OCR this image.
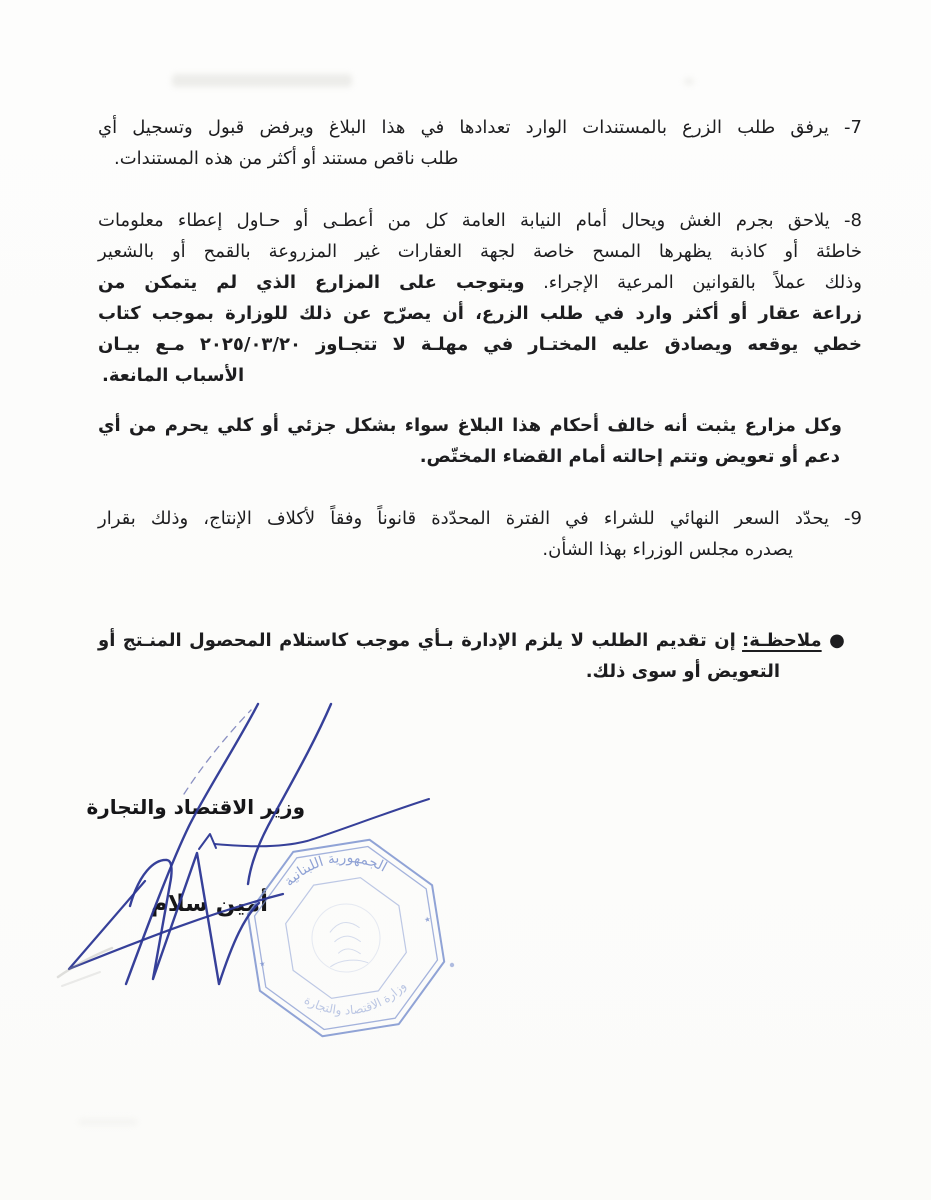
7- يرفق طلب الزرع بالمستندات الوارد تعدادها في هذا البلاغ ويرفض قبول وتسجيل أي
طلب ناقص مستند أو أكثر من هذه المستندات.
8- يلاحق بجرم الغش ويحال أمام النيابة العامة كل من أعطـى أو حـاول إعطاء معلومات
خاطئة أو كاذبة يظهرها المسح خاصة لجهة العقارات غير المزروعة بالقمح أو بالشعير
وذلك عملاً بالقوانين المرعية الإجراء. ويتوجب على المزارع الذي لم يتمكن من
زراعة عقار أو أكثر وارد في طلب الزرع، أن يصرّح عن ذلك للوزارة بموجب كتاب
خطي يوقعه ويصادق عليه المختـار في مهلـة لا تتجـاوز ٢٠٢٥/٠٣/٢٠ مـع بيـان
الأسباب المانعة.
وكل مزارع يثبت أنه خالف أحكام هذا البلاغ سواء بشكل جزئي أو كلي يحرم من أي
دعم أو تعويض وتتم إحالته أمام القضاء المختّص.
9- يحدّد السعر النهائي للشراء في الفترة المحدّدة قانوناً وفقاً لأكلاف الإنتاج، وذلك بقرار
يصدره مجلس الوزراء بهذا الشأن.
● ملاحظـة: إن تقديم الطلب لا يلزم الإدارة بـأي موجب كاستلام المحصول المنـتج أو
التعويض أو سوى ذلك.
وزير الاقتصاد والتجارة
أمين سلام
الجمهورية اللبنانية
وزارة الاقتصاد والتجارة
٭
٭
